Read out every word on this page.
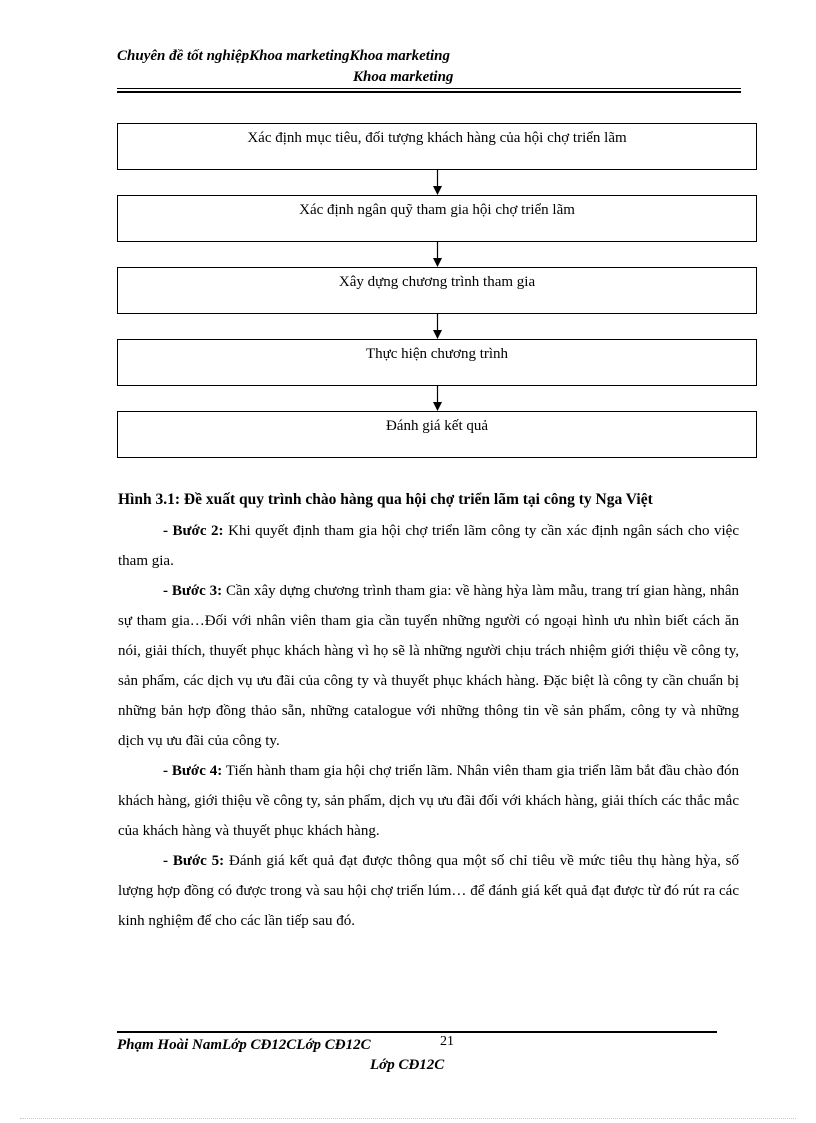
Chuyên đề tốt nghiệpKhoa marketingKhoa marketing
Khoa marketing
Xác định mục tiêu, đối tượng khách hàng của hội chợ triển lãm
Xác định ngân quỹ tham gia hội chợ triển lãm
Xây dựng chương trình tham gia
Thực hiện chương trình
Đánh giá kết quả
Hình 3.1: Đề xuất quy trình chào hàng qua hội chợ triển lãm tại công ty Nga Việt

- Bước 2: Khi quyết định tham gia hội chợ triển lãm công ty cần xác định ngân sách cho việc tham gia.

- Bước 3: Cần xây dựng chương trình tham gia: về hàng hỳa làm mẫu, trang trí gian hàng, nhân sự tham gia…Đối với nhân viên tham gia cần tuyển những người có ngoại hình ưu nhìn biết cách ăn nói, giải thích, thuyết phục khách hàng vì họ sẽ là những người chịu trách nhiệm giới thiệu về công ty, sản phẩm, các dịch vụ ưu đãi của công ty và thuyết phục khách hàng. Đặc biệt là công ty cần chuẩn bị những bản hợp đồng thảo sẵn, những catalogue với những thông tin về sản phẩm, công ty và những dịch vụ ưu đãi của công ty.

- Bước 4: Tiến hành tham gia hội chợ triển lãm. Nhân viên tham gia triển lãm bắt đầu chào đón khách hàng, giới thiệu về công ty, sản phẩm, dịch vụ ưu đãi đối với khách hàng, giải thích các thắc mắc của khách hàng và thuyết phục khách hàng.

- Bước 5: Đánh giá kết quả đạt được thông qua một số chỉ tiêu về mức tiêu thụ hàng hỳa, số lượng hợp đồng có được trong và sau hội chợ triển lúm… để đánh giá kết quả đạt được từ đó rút ra các kinh nghiệm để cho các lần tiếp sau đó.

21
Phạm Hoài NamLớp CĐ12CLớp CĐ12C
Lớp CĐ12C
